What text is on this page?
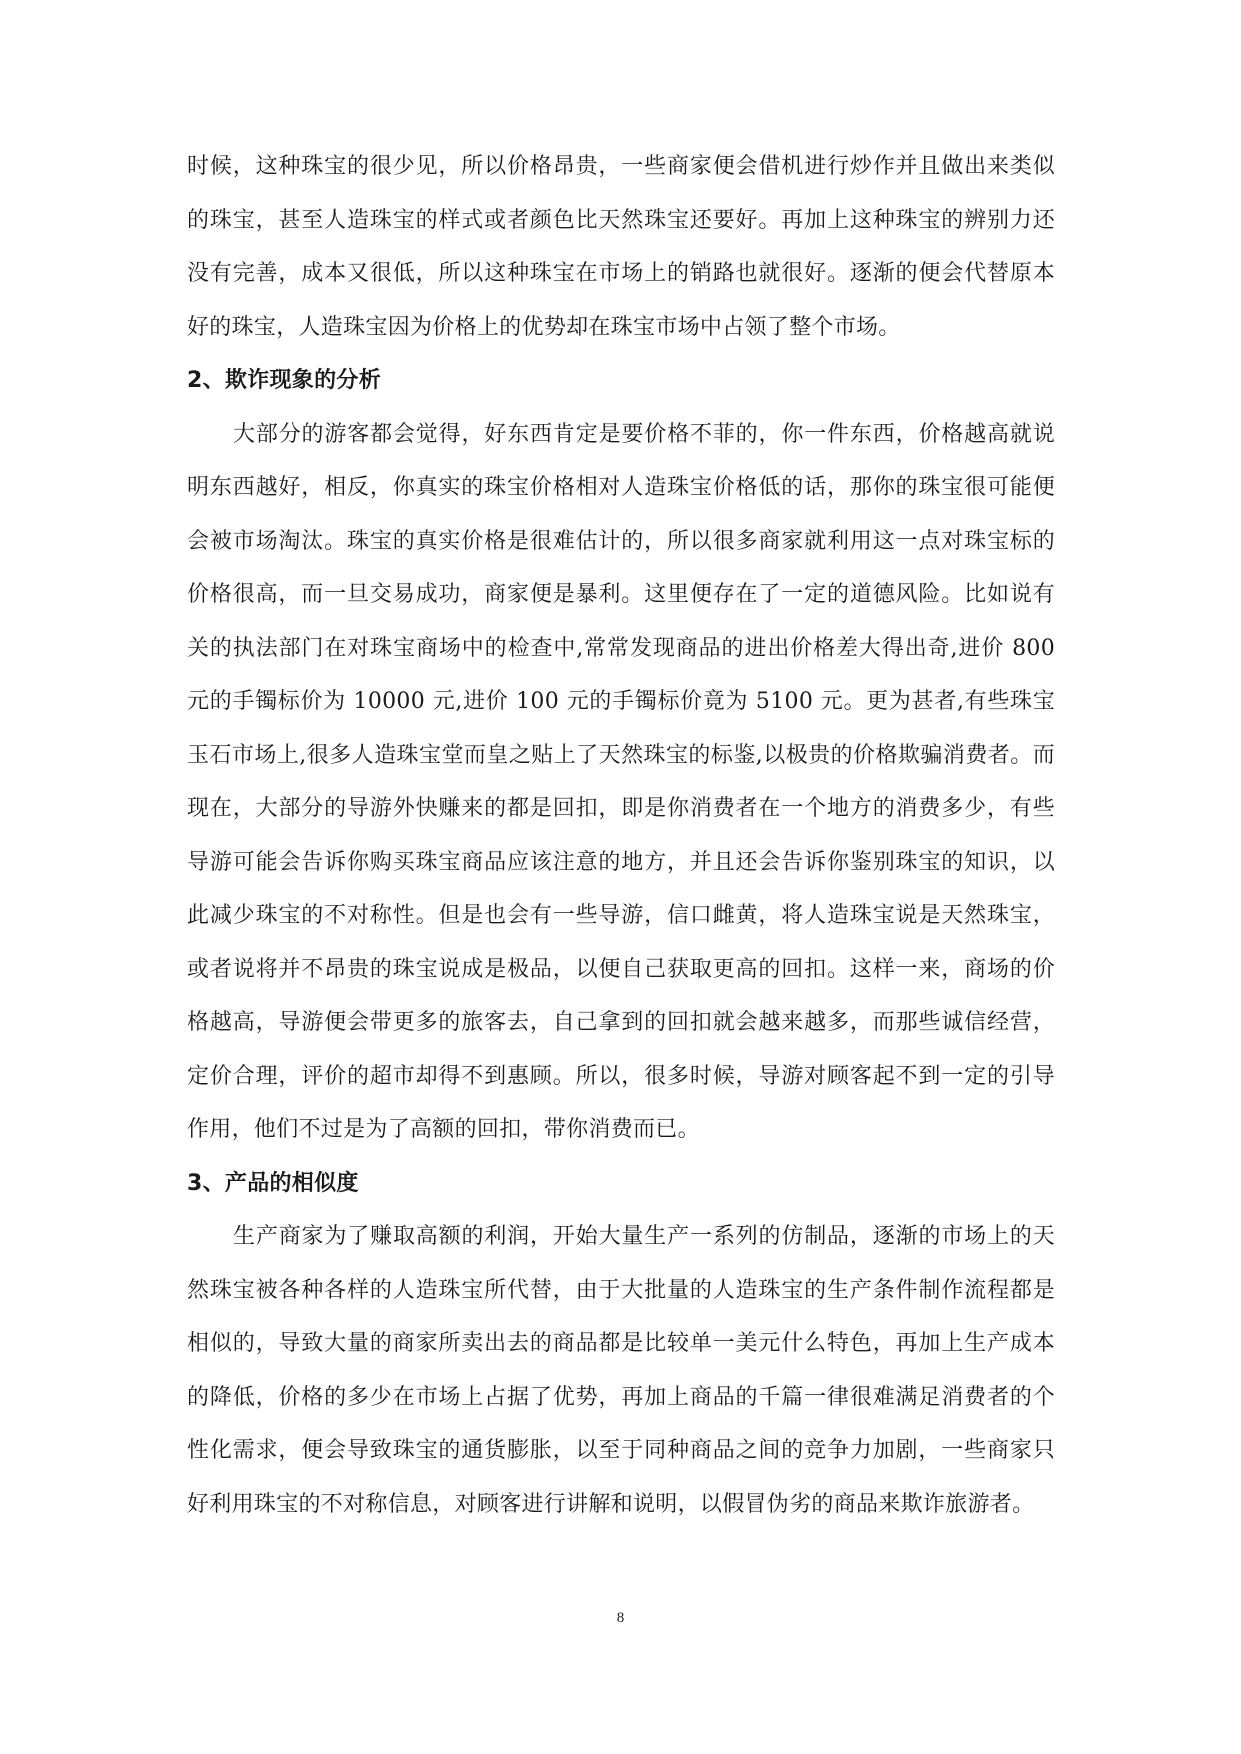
时候，这种珠宝的很少见，所以价格昂贵，一些商家便会借机进行炒作并且做出来类似的珠宝，甚至人造珠宝的样式或者颜色比天然珠宝还要好。再加上这种珠宝的辨别力还没有完善，成本又很低，所以这种珠宝在市场上的销路也就很好。逐渐的便会代替原本好的珠宝，人造珠宝因为价格上的优势却在珠宝市场中占领了整个市场。

2、欺诈现象的分析

大部分的游客都会觉得，好东西肯定是要价格不菲的，你一件东西，价格越高就说明东西越好，相反，你真实的珠宝价格相对人造珠宝价格低的话，那你的珠宝很可能便会被市场淘汰。珠宝的真实价格是很难估计的，所以很多商家就利用这一点对珠宝标的价格很高，而一旦交易成功，商家便是暴利。这里便存在了一定的道德风险。比如说有关的执法部门在对珠宝商场中的检查中,常常发现商品的进出价格差大得出奇,进价 800 元的手镯标价为 10000 元,进价 100 元的手镯标价竟为 5100 元。更为甚者,有些珠宝玉石市场上,很多人造珠宝堂而皇之贴上了天然珠宝的标鉴,以极贵的价格欺骗消费者。而现在，大部分的导游外快赚来的都是回扣，即是你消费者在一个地方的消费多少，有些导游可能会告诉你购买珠宝商品应该注意的地方，并且还会告诉你鉴别珠宝的知识，以此减少珠宝的不对称性。但是也会有一些导游，信口雌黄，将人造珠宝说是天然珠宝，或者说将并不昂贵的珠宝说成是极品，以便自己获取更高的回扣。这样一来，商场的价格越高，导游便会带更多的旅客去，自己拿到的回扣就会越来越多，而那些诚信经营，定价合理，评价的超市却得不到惠顾。所以，很多时候，导游对顾客起不到一定的引导作用，他们不过是为了高额的回扣，带你消费而已。

3、产品的相似度

生产商家为了赚取高额的利润，开始大量生产一系列的仿制品，逐渐的市场上的天然珠宝被各种各样的人造珠宝所代替，由于大批量的人造珠宝的生产条件制作流程都是相似的，导致大量的商家所卖出去的商品都是比较单一美元什么特色，再加上生产成本的降低，价格的多少在市场上占据了优势，再加上商品的千篇一律很难满足消费者的个性化需求，便会导致珠宝的通货膨胀，以至于同种商品之间的竞争力加剧，一些商家只好利用珠宝的不对称信息，对顾客进行讲解和说明，以假冒伪劣的商品来欺诈旅游者。

8
